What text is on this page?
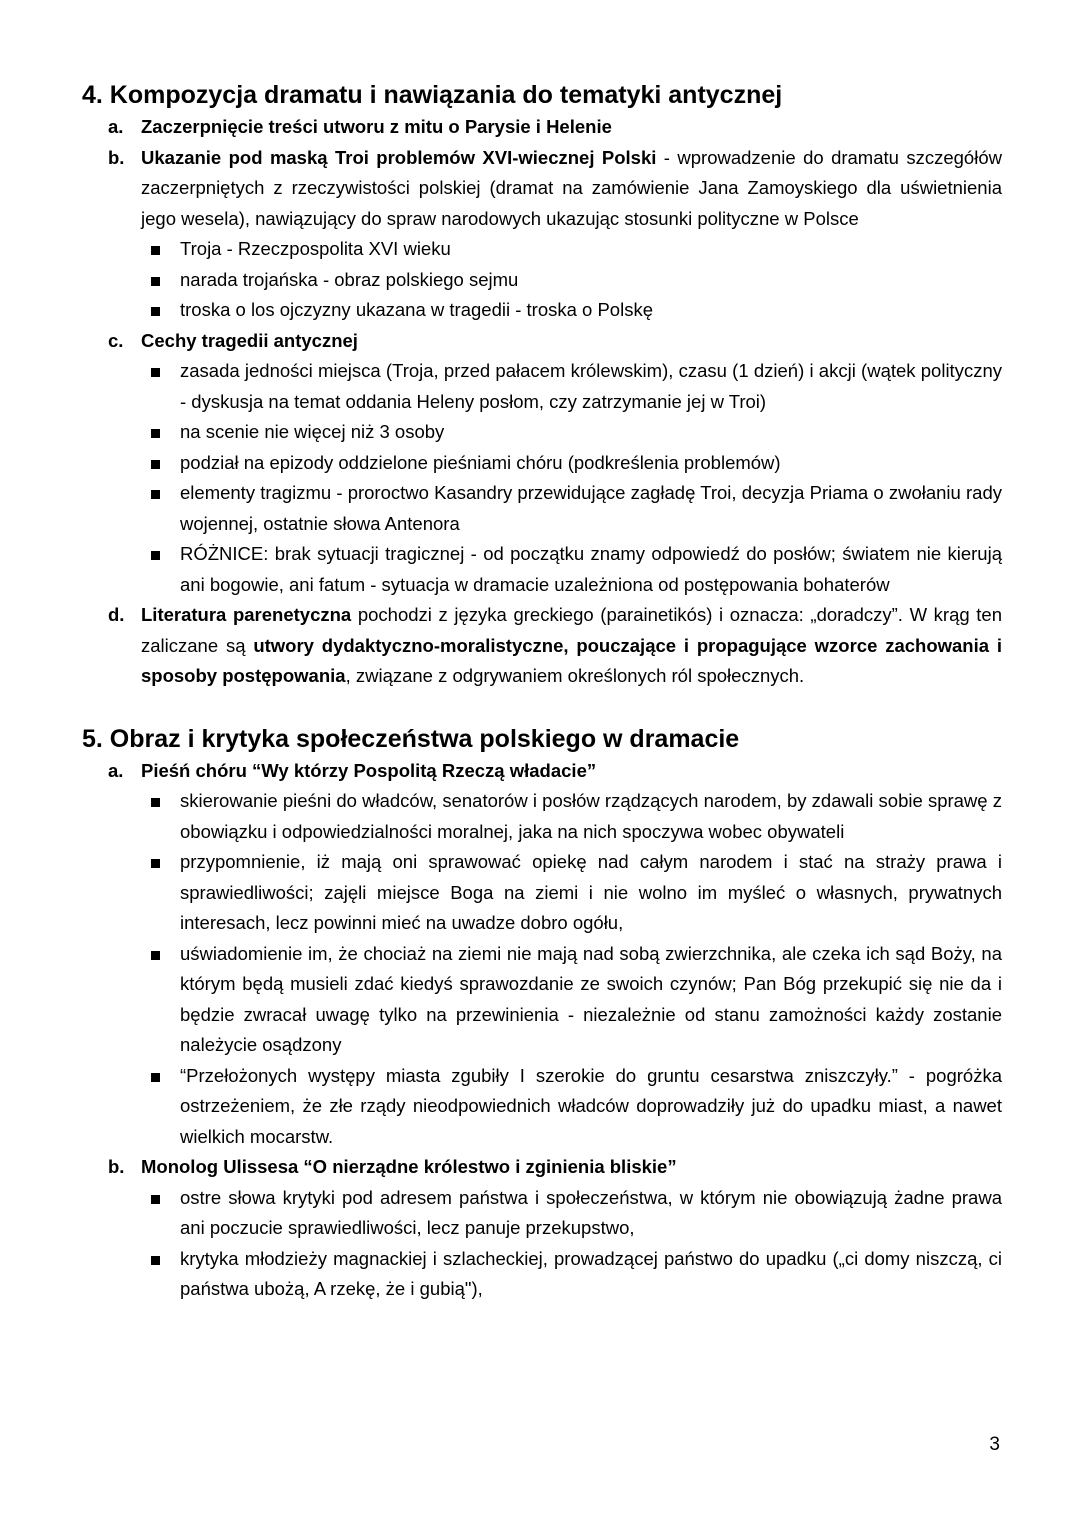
4. Kompozycja dramatu i nawiązania do tematyki antycznej
a. Zaczerpnięcie treści utworu z mitu o Parysie i Helenie
b. Ukazanie pod maską Troi problemów XVI-wiecznej Polski - wprowadzenie do dramatu szczegółów zaczerpniętych z rzeczywistości polskiej (dramat na zamówienie Jana Zamoyskiego dla uświetnienia jego wesela), nawiązujący do spraw narodowych ukazując stosunki polityczne w Polsce
Troja - Rzeczpospolita XVI wieku
narada trojańska - obraz polskiego sejmu
troska o los ojczyzny ukazana w tragedii - troska o Polskę
c. Cechy tragedii antycznej
zasada jedności miejsca (Troja, przed pałacem królewskim), czasu (1 dzień) i akcji (wątek polityczny - dyskusja na temat oddania Heleny posłom, czy zatrzymanie jej w Troi)
na scenie nie więcej niż 3 osoby
podział na epizody oddzielone pieśniami chóru (podkreślenia problemów)
elementy tragizmu - proroctwo Kasandry przewidujące zagładę Troi, decyzja Priama o zwołaniu rady wojennej, ostatnie słowa Antenora
RÓŻNICE: brak sytuacji tragicznej - od początku znamy odpowiedź do posłów; światem nie kierują ani bogowie, ani fatum - sytuacja w dramacie uzależniona od postępowania bohaterów
d. Literatura parenetyczna pochodzi z języka greckiego (parainetikós) i oznacza: „doradczy”. W krąg ten zaliczane są utwory dydaktyczno-moralistyczne, pouczające i propagujące wzorce zachowania i sposoby postępowania, związane z odgrywaniem określonych ról społecznych.
5. Obraz i krytyka społeczeństwa polskiego w dramacie
a. Pieśń chóru “Wy którzy Pospolitą Rzeczą władacie”
skierowanie pieśni do władców, senatorów i posłów rządzących narodem, by zdawali sobie sprawę z obowiązku i odpowiedzialności moralnej, jaka na nich spoczywa wobec obywateli
przypomnienie, iż mają oni sprawować opiekę nad całym narodem i stać na straży prawa i sprawiedliwości; zajęli miejsce Boga na ziemi i nie wolno im myśleć o własnych, prywatnych interesach, lecz powinni mieć na uwadze dobro ogółu,
uświadomienie im, że chociaż na ziemi nie mają nad sobą zwierzchnika, ale czeka ich sąd Boży, na którym będą musieli zdać kiedyś sprawozdanie ze swoich czynów; Pan Bóg przekupić się nie da i będzie zwracał uwagę tylko na przewinienia - niezależnie od stanu zamożności każdy zostanie należycie osądzony
“Przełożonych występy miasta zgubiły I szerokie do gruntu cesarstwa zniszczyły.” - pogróżka ostrzeżeniem, że złe rządy nieodpowiednich władców doprowadziły już do upadku miast, a nawet wielkich mocarstw.
b. Monolog Ulissesa “O nierządne królestwo i zginienia bliskie”
ostre słowa krytyki pod adresem państwa i społeczeństwa, w którym nie obowiązują żadne prawa ani poczucie sprawiedliwości, lecz panuje przekupstwo,
krytyka młodzieży magnackiej i szlacheckiej, prowadzącej państwo do upadku („ci domy niszczą, ci państwa ubożą, A rzekę, że i gubią"),
3
